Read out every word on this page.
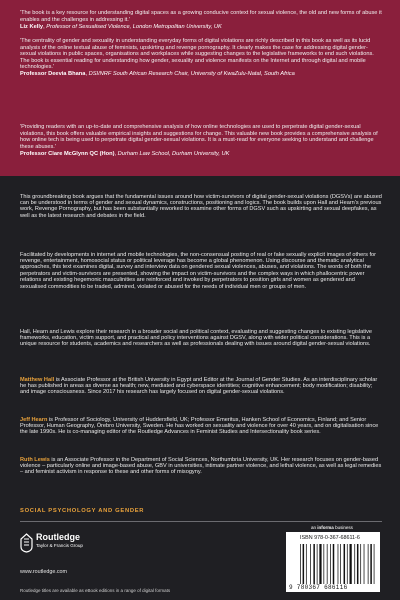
'The book is a key resource for understanding digital spaces as a growing conducive context for sexual violence, the old and new forms of abuse it enables and the challenges in addressing it.'
Liz Kelly, Professor of Sexualised Violence, London Metropolitan University, UK
'The centrality of gender and sexuality in understanding everyday forms of digital violations are richly described in this book as well as its lucid analysis of the online textual abuse of feminists, upskirting and revenge pornography. It clearly makes the case for addressing digital gender-sexual violations in public spaces, organisations and workplaces while suggesting changes to the legislative frameworks to end such violations. The book is essential reading for understanding how gender, sexuality and violence manifests on the Internet and through digital and mobile technologies.'
Professor Deevia Bhana, DSI/NRF South African Research Chair, University of KwaZulu-Natal, South Africa
'Providing readers with an up-to-date and comprehensive analysis of how online technologies are used to perpetrate digital gender-sexual violations, this book offers valuable empirical insights and suggestions for change. This valuable new book provides a comprehensive analysis of how online tech is being used to perpetrate digital gender-sexual violations. It is a must-read for everyone seeking to understand and challenge these abuses.'
Professor Clare McGlynn QC (Hon), Durham Law School, Durham University, UK

This groundbreaking book argues that the fundamental issues around how victim-survivors of digital gender-sexual violations (DGSVs) are abused can be understood in terms of gender and sexual dynamics, constructions, positioning and logics. The book builds upon Hall and Hearn's previous work, Revenge Pornography, but has been substantially reworked to examine other forms of DGSV such as upskirting and sexual deepfakes, as well as the latest research and debates in the field.

Facilitated by developments in internet and mobile technologies, the non-consensual posting of real or fake sexually explicit images of others for revenge, entertainment, homosocial status or political leverage has become a global phenomenon. Using discourse and thematic analytical approaches, this text examines digital, survey and interview data on gendered sexual violences, abuses, and violations. The words of both the perpetrators and victim-survivors are presented, showing the impact on victim-survivors and the complex ways in which phallocentric power relations and existing hegemonic masculinities are reinforced and invoked by perpetrators to position girls and women as gendered and sexualised commodities to be traded, admired, violated or abused for the needs of individual men or groups of men.

Hall, Hearn and Lewis explore their research in a broader social and political context, evaluating and suggesting changes to existing legislative frameworks, education, victim support, and practical and policy interventions against DGSV, along with wider political considerations. This is a unique resource for students, academics and researchers as well as professionals dealing with issues around digital gender-sexual violations.

Matthew Hall is Associate Professor at the British University in Egypt and Editor at the Journal of Gender Studies. As an interdisciplinary scholar he has published in areas as diverse as health; new, mediated and cyberspace identities; cognitive enhancement; body modification; disability; and image consciousness. Since 2017 his research has largely focused on digital gender-sexual violations.

Jeff Hearn is Professor of Sociology, University of Huddersfield, UK; Professor Emeritus, Hanken School of Economics, Finland; and Senior Professor, Human Geography, Örebro University, Sweden. He has worked on sexuality and violence for over 40 years, and on digitalisation since the late 1990s. He is co-managing editor of the Routledge Advances in Feminist Studies and Intersectionality book series.

Ruth Lewis is an Associate Professor in the Department of Social Sciences, Northumbria University, UK. Her research focuses on gender-based violence – particularly online and image-based abuse, GBV in universities, intimate partner violence, and lethal violence, as well as legal remedies – and feminist activism in response to these and other forms of misogyny.

SOCIAL PSYCHOLOGY AND GENDER
an informa business
Routledge
Taylor & Francis Group
www.routledge.com
Routledge titles are available as eBook editions in a range of digital formats
ISBN 978-0-367-68611-6
9 780367 686116
